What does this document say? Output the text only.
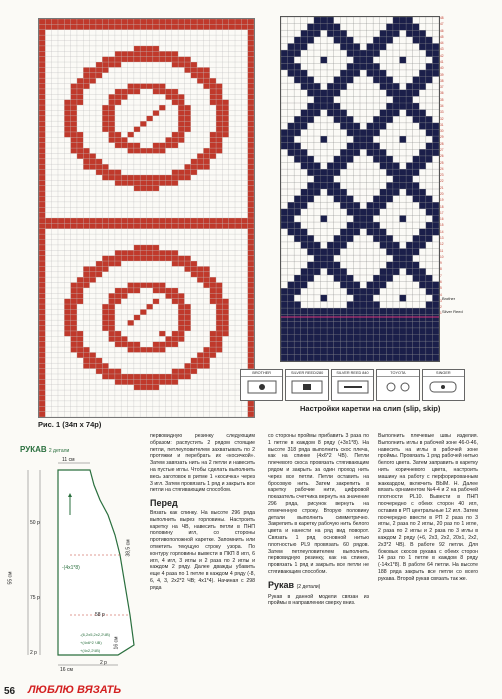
Рис. 1 (34п x 74р)
48
47
46
45
44
43
42
41
40
39
38
37
36
35
34
33
32
31
30
29
28
27
26
25
24
23
22
21
20
19
18
17
16
15
14
13
12
11
10
9
8
7
6
5
4
3
2
1
Brother
Silver Reed
BROTHER	SILVER REED/280	SILVER REED 840	TOYOTA	SINGER
Настройки каретки на слип (slip, skip)
РУКАВ 2 детали
11 см
55 см
38,5 см
16 см
16 см
-(4х1*8)
-(6,2х5,2х2,2ЧВ)
+(4х6*2 ЧВ)
+(4х2,2ЧВ)
50 р
75 р
58 р
2 р
2 р
первовидную резинку следующим образом: распустить 2 рядом стоящие петли, петлеуловителем захватывать по 2 протяжки и перебрать их «косичкой». Затем завязать нить на 2 петли и навесить на пустые иглы. Чтобы сделать выполнить весь заготовок в ритме 1 «косичка» через 3 игл. Затем провязать 1 ряд и закрыть все петли на стягивающим способом.
Перед
Вязать как спинку. На высоте 296 ряда выполнить вырез горловины. Настроить каретку на ЧВ, навесить петли в ПНП половину игл, со стороны противоположной каретке. Запомнить или отметить текущую строку узора. По контуру горловины вывести в ПКП 8 игл, 6 игл, 4 игл, 3 иглы и 2 раза по 2 иглы и каждом 2 ряду. Далее дважды убавить еще 4 раза по 1 петле в каждом 4 ряду (-8, 6, 4, 3, 2х2*2 ЧВ; 4х1*4). Начиная с 298 ряда
со стороны проймы прибавить 3 раза по 1 петле в каждом 8 ряду (+3х1*8). На высоте 318 ряда выполнить скос плеча, как на спинке (4х6*2 ЧВ). Петли плечевого скоса провязать стягивающим рядом и закрыть за один проход нить через все петли. Петли оставить на бросовую нить. Затем закрепить в каретку рабочие нити, цифровой показатель счетчика вернуть на значение 296 ряда, рисунок вернуть на отмеченную строку. Вторую половину детали выполнить симметрично. Закрепить в каретку рабочую нить белого цвета и нанести на ряд вид поворот. Связать 1 ряд основной нитью плотностью PL9 провязать 60 рядов. Затем петлеуловителем выполнить первовидную резинку, как на спинке, провязать 1 ряд и закрыть все петли не стягивающим способом.
Рукав (2 детали)
Рукав в данной модели связан из проймы в направлении сверху вниз.
Выполнить плечевые швы изделия. Выполнить иглы в рабочей зоне 46-0-46, навесить на иглы в рабочей зоне проймы. Провязать 1 ряд рабочей нитью белого цвета. Затем заправить в каретку нить коричневого цвета, настроить машину на работу с перфорированным жаккардом, включить ВЫМ. Н. Далее вязать орнаментом №4-4 и 2 на рабочей плотности PL10. Вывести в ПНП поочередно с обеих сторон 40 игл, оставив в РП центральные 12 игл. Затем поочередно ввести в РП 2 раза по 3 иглы, 2 раза по 2 иглы, 20 раз по 1 игле, 2 раза по 2 иглы и 2 раза по 3 иглы в каждом 2 ряду (+6, 2х3, 2х2, 20х1, 2х2, 2х3*2 ЧВ). В работе 92 петли. Для боковых скосов рукава с обеих сторон 14 раз по 1 петле в каждом 8 ряду (-14х1*8). В работе 64 петли. На высоте 188 ряда закрыть все петли со всего рукава. Второй рукав связать так же.
56 ЛЮБЛЮ ВЯЗАТЬ
